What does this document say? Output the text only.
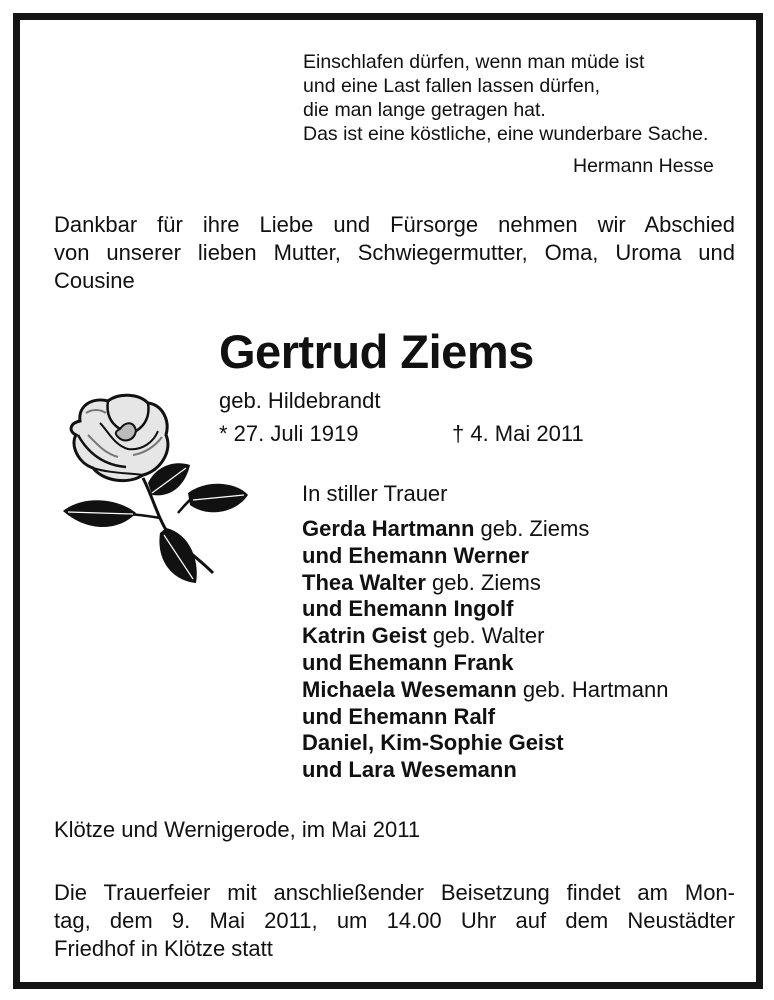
Einschlafen dürfen, wenn man müde ist
und eine Last fallen lassen dürfen,
die man lange getragen hat.
Das ist eine köstliche, eine wunderbare Sache.
Hermann Hesse
Dankbar für ihre Liebe und Fürsorge nehmen wir Abschied
von unserer lieben Mutter, Schwiegermutter, Oma, Uroma und
Cousine
Gertrud Ziems
geb. Hildebrandt
* 27. Juli 1919	† 4. Mai 2011
In stiller Trauer
Gerda Hartmann geb. Ziems
und Ehemann Werner
Thea Walter geb. Ziems
und Ehemann Ingolf
Katrin Geist geb. Walter
und Ehemann Frank
Michaela Wesemann geb. Hartmann
und Ehemann Ralf
Daniel, Kim-Sophie Geist
und Lara Wesemann
Klötze und Wernigerode, im Mai 2011
Die Trauerfeier mit anschließender Beisetzung findet am Mon-
tag, dem 9. Mai 2011, um 14.00 Uhr auf dem Neustädter
Friedhof in Klötze statt
